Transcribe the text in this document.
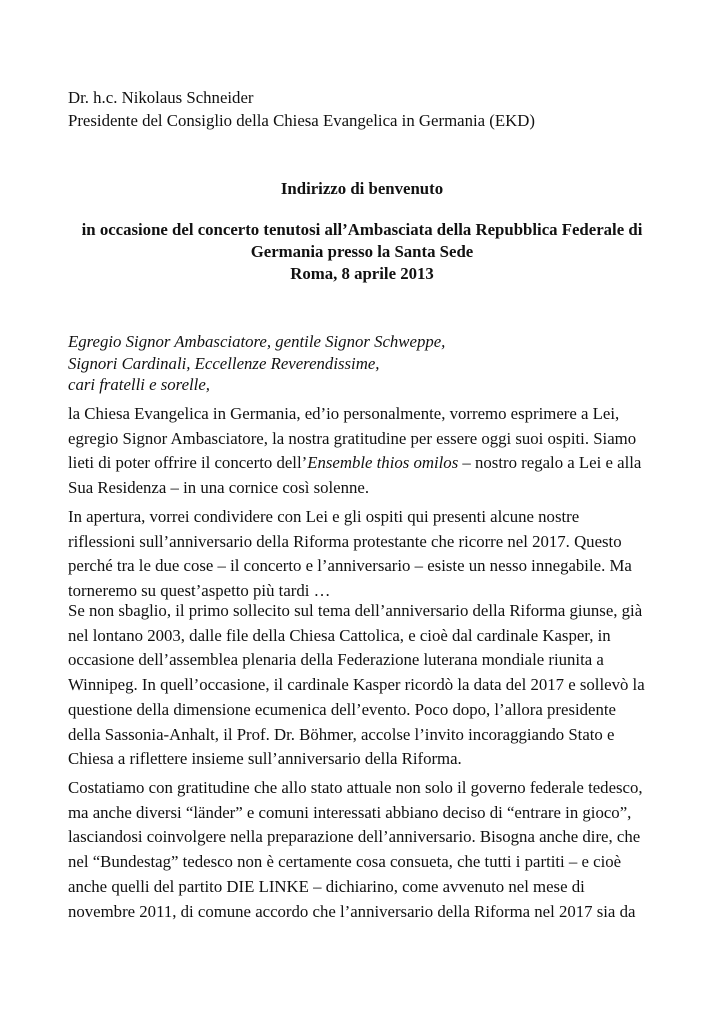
Dr. h.c. Nikolaus Schneider
Presidente del Consiglio della Chiesa Evangelica in Germania (EKD)
Indirizzo di benvenuto
in occasione del concerto tenutosi all’Ambasciata della Repubblica Federale di
Germania presso la Santa Sede
Roma, 8 aprile 2013
Egregio Signor Ambasciatore, gentile Signor Schweppe,
Signori Cardinali, Eccellenze Reverendissime,
cari fratelli e sorelle,
la Chiesa Evangelica in Germania, ed’io personalmente, vorremo esprimere a Lei,
egregio Signor Ambasciatore, la nostra gratitudine per essere oggi suoi ospiti. Siamo
lieti di poter offrire il concerto dell’Ensemble thios omilos – nostro regalo a Lei e alla
Sua Residenza – in una cornice così solenne.
In apertura, vorrei condividere con Lei e gli ospiti qui presenti alcune nostre
riflessioni sull’anniversario della Riforma protestante che ricorre nel 2017. Questo
perché tra le due cose – il concerto e l’anniversario – esiste un nesso innegabile. Ma
torneremo su quest’aspetto più tardi …
Se non sbaglio, il primo sollecito sul tema dell’anniversario della Riforma giunse, già
nel lontano 2003, dalle file della Chiesa Cattolica, e cioè dal cardinale Kasper, in
occasione dell’assemblea plenaria della Federazione luterana mondiale riunita a
Winnipeg. In quell’occasione, il cardinale Kasper ricordò la data del 2017 e sollevò la
questione della dimensione ecumenica dell’evento. Poco dopo, l’allora presidente
della Sassonia-Anhalt, il Prof. Dr. Böhmer, accolse l’invito incoraggiando Stato e
Chiesa a riflettere insieme sull’anniversario della Riforma.
Costatiamo con gratitudine che allo stato attuale non solo il governo federale tedesco,
ma anche diversi “länder” e comuni interessati abbiano deciso di “entrare in gioco”,
lasciandosi coinvolgere nella preparazione dell’anniversario. Bisogna anche dire, che
nel “Bundestag” tedesco non è certamente cosa consueta, che tutti i partiti – e cioè
anche quelli del partito DIE LINKE – dichiarino, come avvenuto nel mese di
novembre 2011, di comune accordo che l’anniversario della Riforma nel 2017 sia da
